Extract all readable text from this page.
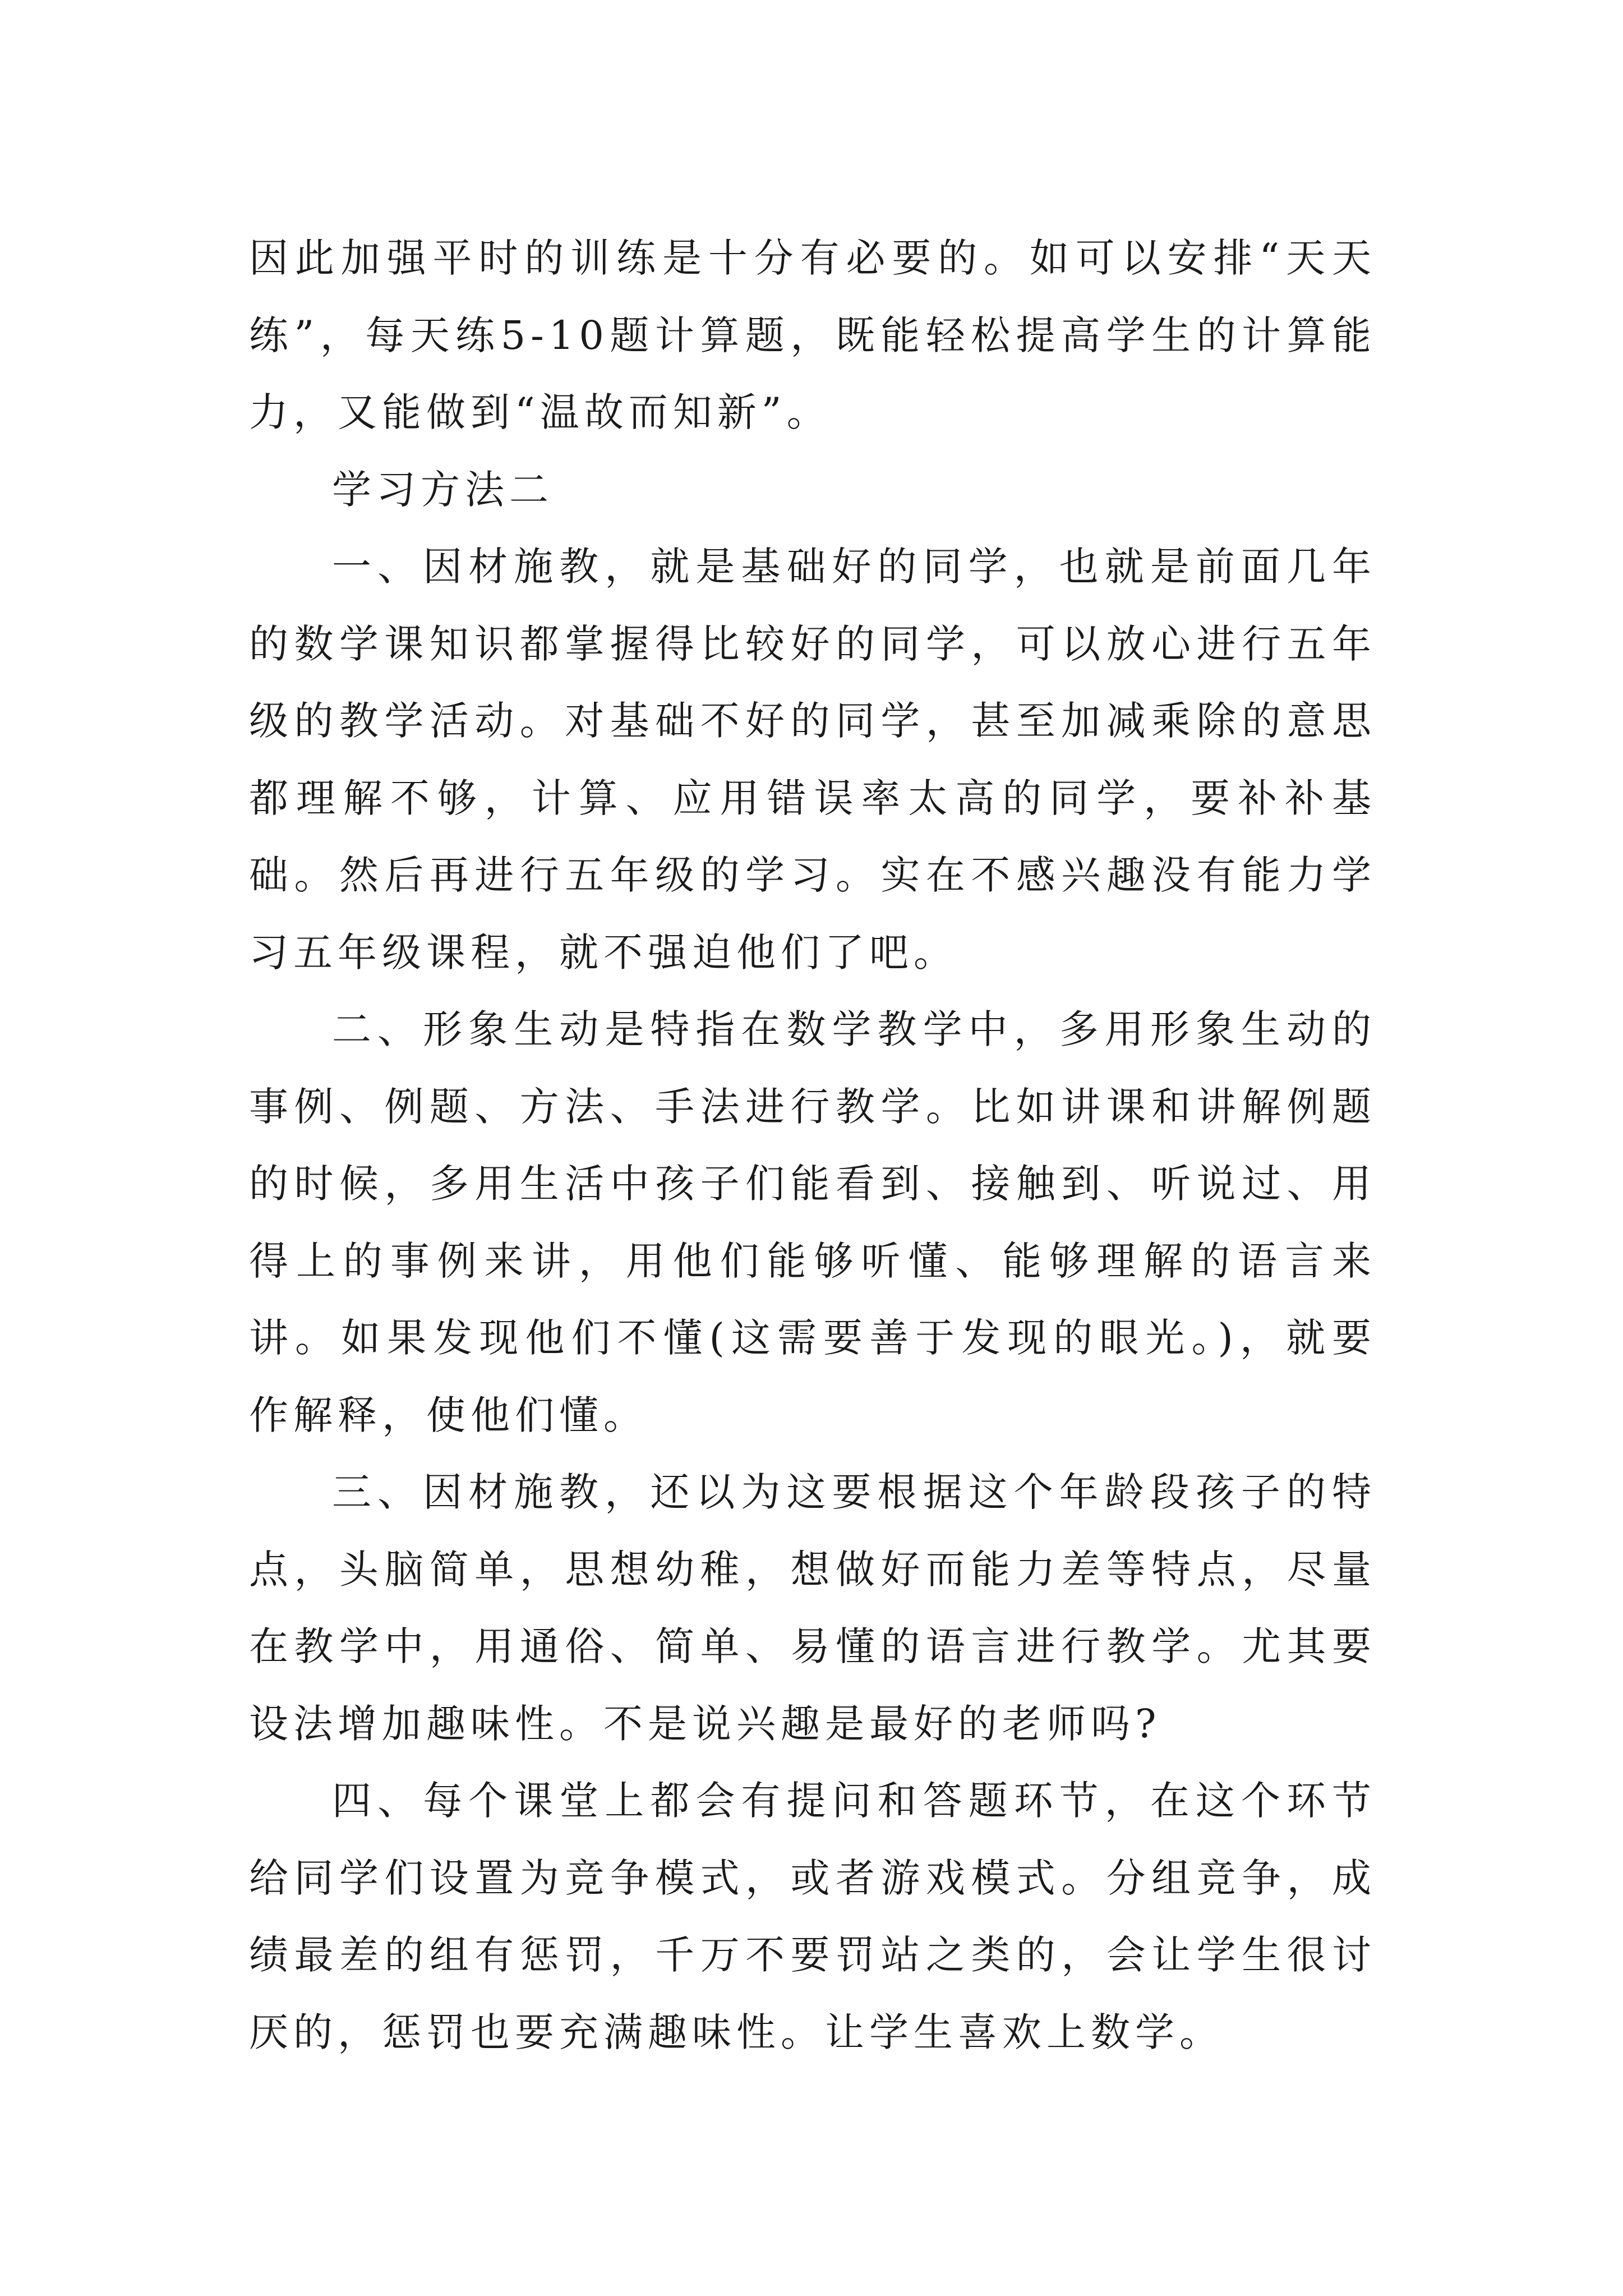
因此加强平时的训练是十分有必要的。如可以安排“天天练”，每天练5-10题计算题，既能轻松提高学生的计算能力，又能做到“温故而知新”。

学习方法二

一、因材施教，就是基础好的同学，也就是前面几年的数学课知识都掌握得比较好的同学，可以放心进行五年级的教学活动。对基础不好的同学，甚至加减乘除的意思都理解不够，计算、应用错误率太高的同学，要补补基础。然后再进行五年级的学习。实在不感兴趣没有能力学习五年级课程，就不强迫他们了吧。

二、形象生动是特指在数学教学中，多用形象生动的事例、例题、方法、手法进行教学。比如讲课和讲解例题的时候，多用生活中孩子们能看到、接触到、听说过、用得上的事例来讲，用他们能够听懂、能够理解的语言来讲。如果发现他们不懂(这需要善于发现的眼光。)，就要作解释，使他们懂。

三、因材施教，还以为这要根据这个年龄段孩子的特点，头脑简单，思想幼稚，想做好而能力差等特点，尽量在教学中，用通俗、简单、易懂的语言进行教学。尤其要设法增加趣味性。不是说兴趣是最好的老师吗?

四、每个课堂上都会有提问和答题环节，在这个环节给同学们设置为竞争模式，或者游戏模式。分组竞争，成绩最差的组有惩罚，千万不要罚站之类的，会让学生很讨厌的，惩罚也要充满趣味性。让学生喜欢上数学。
